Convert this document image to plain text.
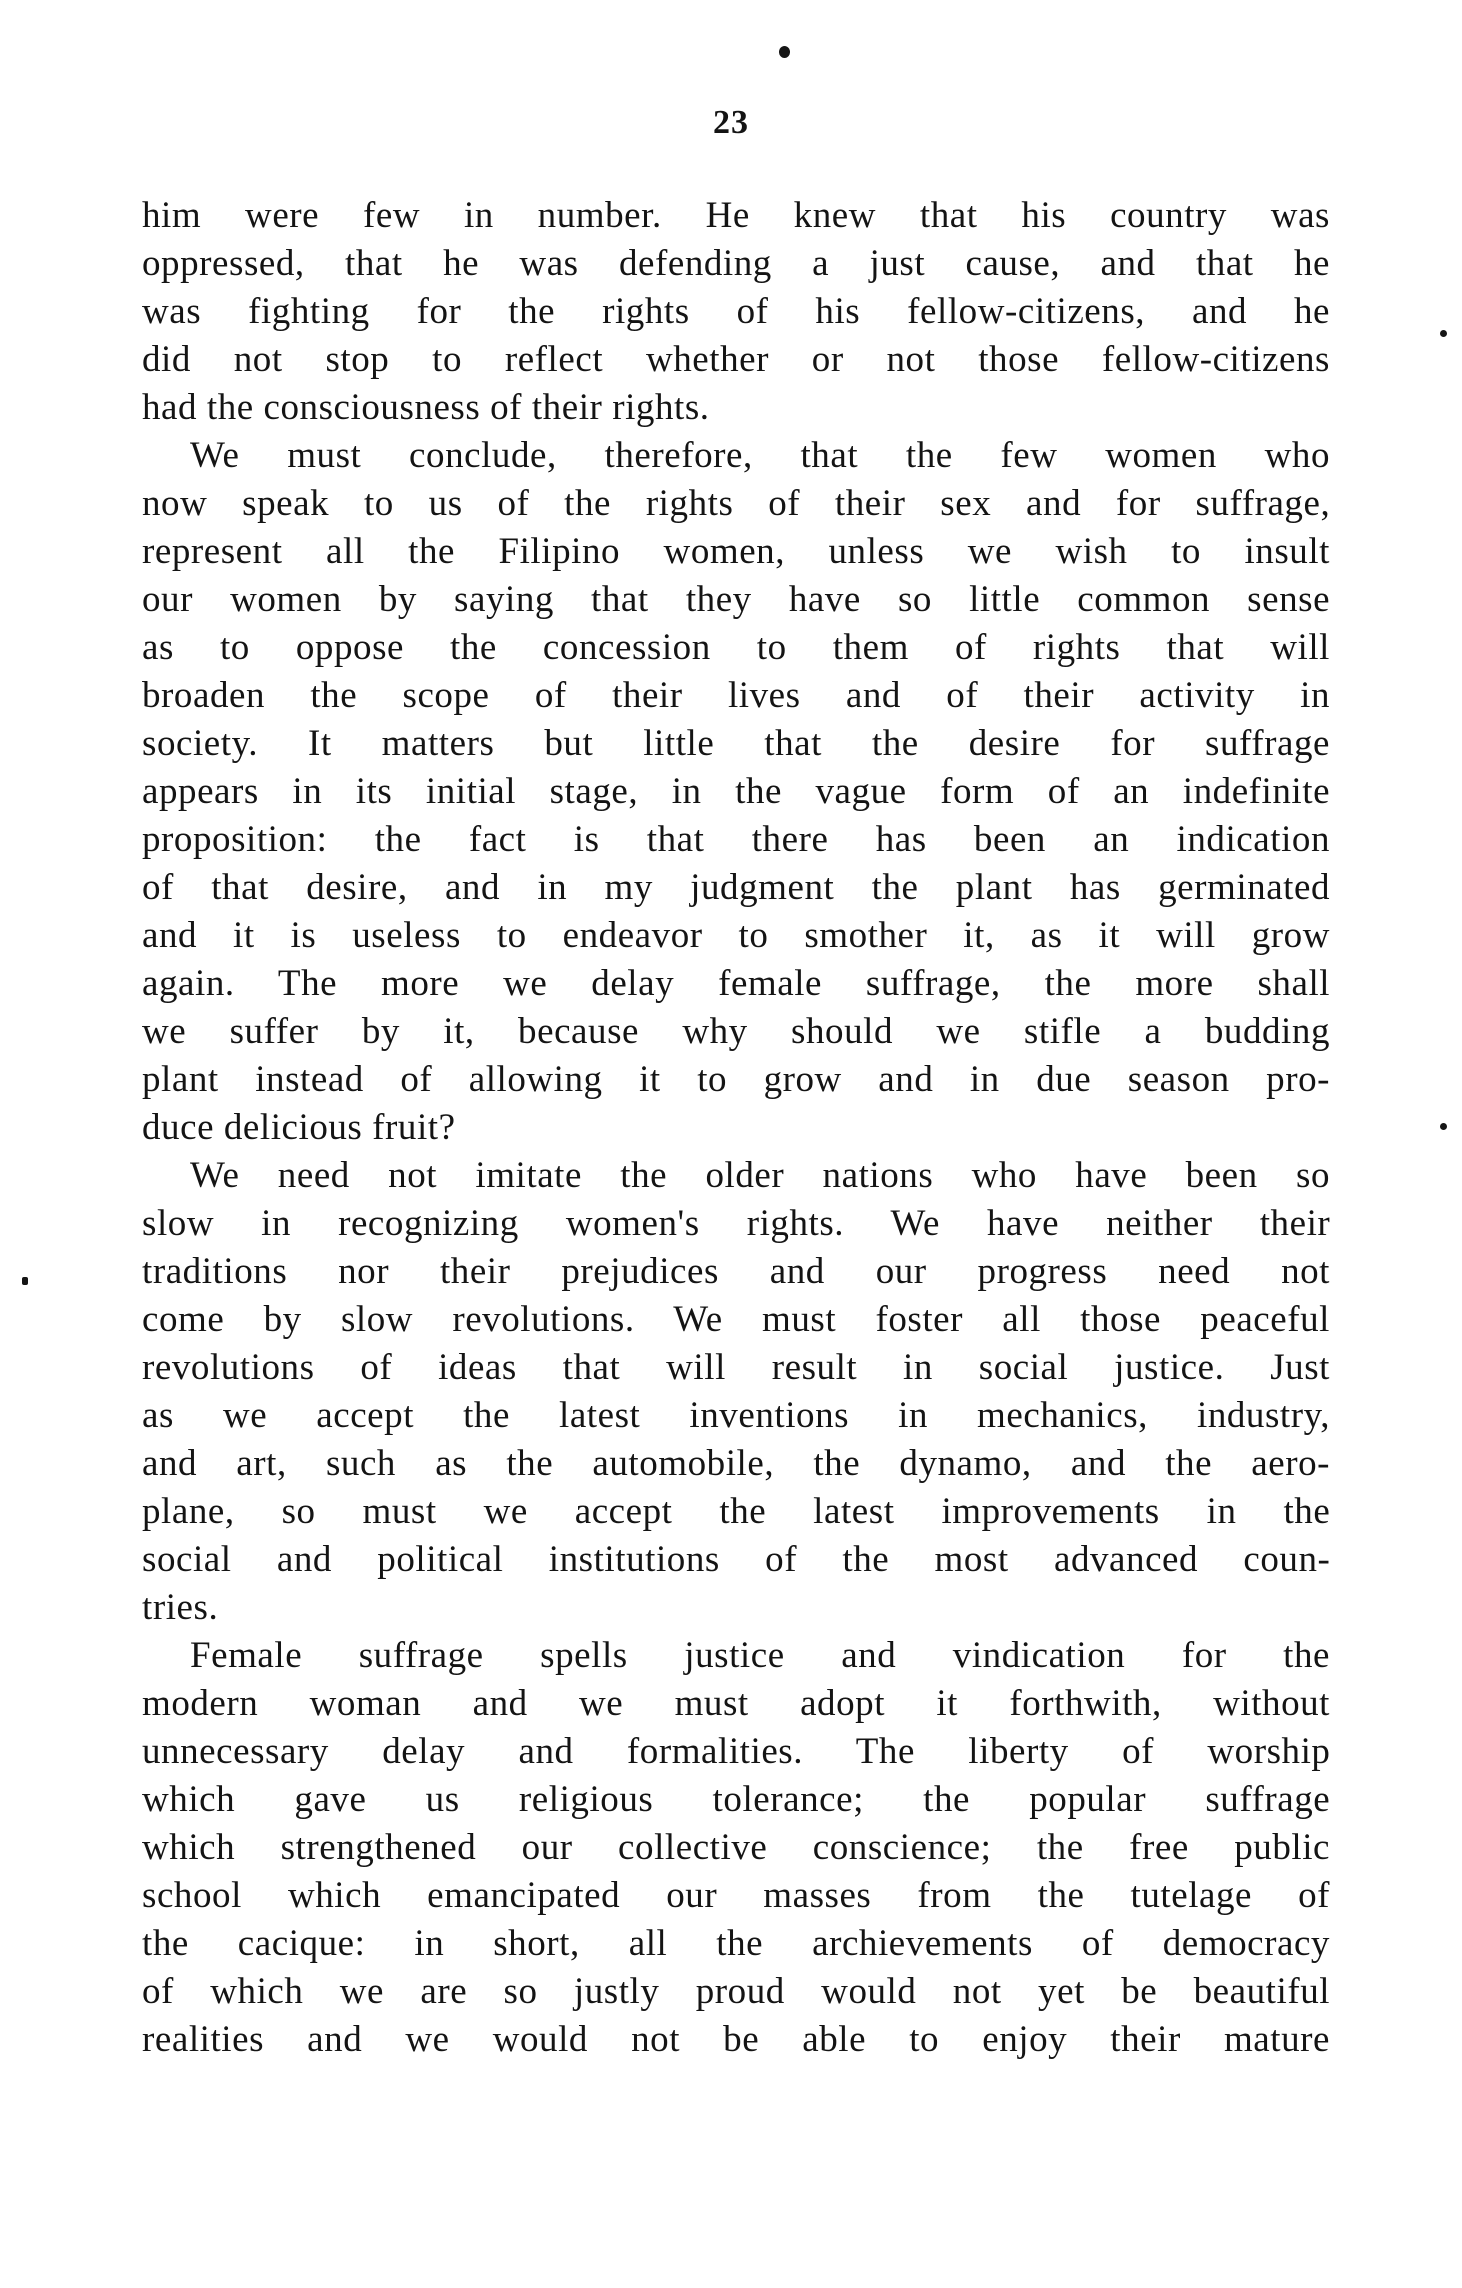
23
him were few in number. He knew that his country was
oppressed, that he was defending a just cause, and that he
was fighting for the rights of his fellow-citizens, and he
did not stop to reflect whether or not those fellow-citizens
had the consciousness of their rights.
We must conclude, therefore, that the few women who
now speak to us of the rights of their sex and for suffrage,
represent all the Filipino women, unless we wish to insult
our women by saying that they have so little common sense
as to oppose the concession to them of rights that will
broaden the scope of their lives and of their activity in
society. It matters but little that the desire for suffrage
appears in its initial stage, in the vague form of an indefinite
proposition: the fact is that there has been an indication
of that desire, and in my judgment the plant has germinated
and it is useless to endeavor to smother it, as it will grow
again. The more we delay female suffrage, the more shall
we suffer by it, because why should we stifle a budding
plant instead of allowing it to grow and in due season pro-
duce delicious fruit?
We need not imitate the older nations who have been so
slow in recognizing women's rights. We have neither their
traditions nor their prejudices and our progress need not
come by slow revolutions. We must foster all those peaceful
revolutions of ideas that will result in social justice. Just
as we accept the latest inventions in mechanics, industry,
and art, such as the automobile, the dynamo, and the aero-
plane, so must we accept the latest improvements in the
social and political institutions of the most advanced coun-
tries.
Female suffrage spells justice and vindication for the
modern woman and we must adopt it forthwith, without
unnecessary delay and formalities. The liberty of worship
which gave us religious tolerance; the popular suffrage
which strengthened our collective conscience; the free public
school which emancipated our masses from the tutelage of
the cacique: in short, all the archievements of democracy
of which we are so justly proud would not yet be beautiful
realities and we would not be able to enjoy their mature
